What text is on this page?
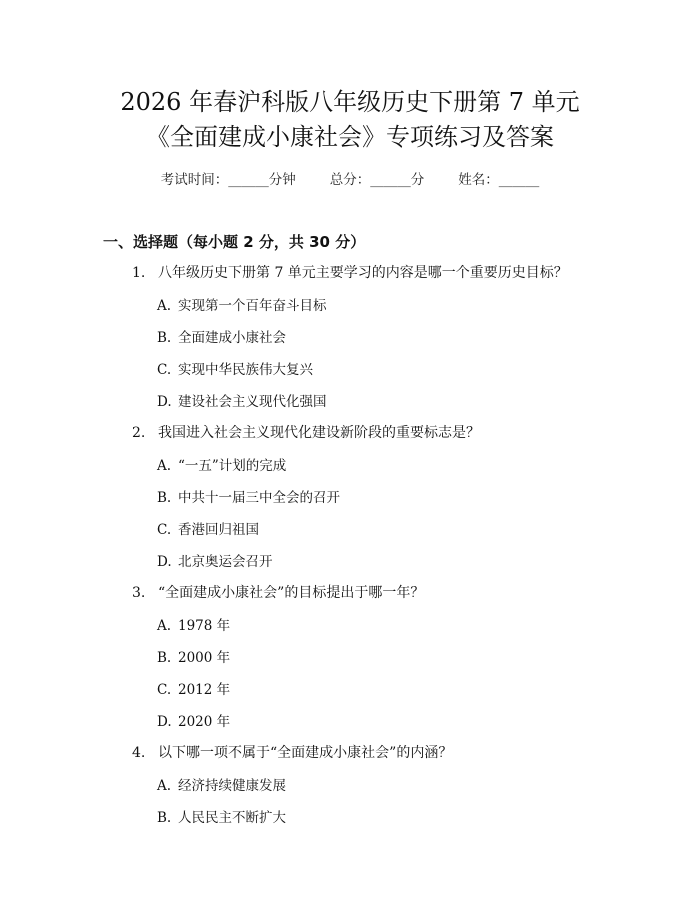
2026 年春沪科版八年级历史下册第 7 单元
《全面建成小康社会》专项练习及答案
考试时间：______分钟	总分：______分	姓名：______
一、选择题（每小题 2 分，共 30 分）
1. 八年级历史下册第 7 单元主要学习的内容是哪一个重要历史目标？
A. 实现第一个百年奋斗目标
B. 全面建成小康社会
C. 实现中华民族伟大复兴
D. 建设社会主义现代化强国
2. 我国进入社会主义现代化建设新阶段的重要标志是？
A. “一五”计划的完成
B. 中共十一届三中全会的召开
C. 香港回归祖国
D. 北京奥运会召开
3. “全面建成小康社会”的目标提出于哪一年？
A. 1978 年
B. 2000 年
C. 2012 年
D. 2020 年
4. 以下哪一项不属于“全面建成小康社会”的内涵？
A. 经济持续健康发展
B. 人民民主不断扩大
